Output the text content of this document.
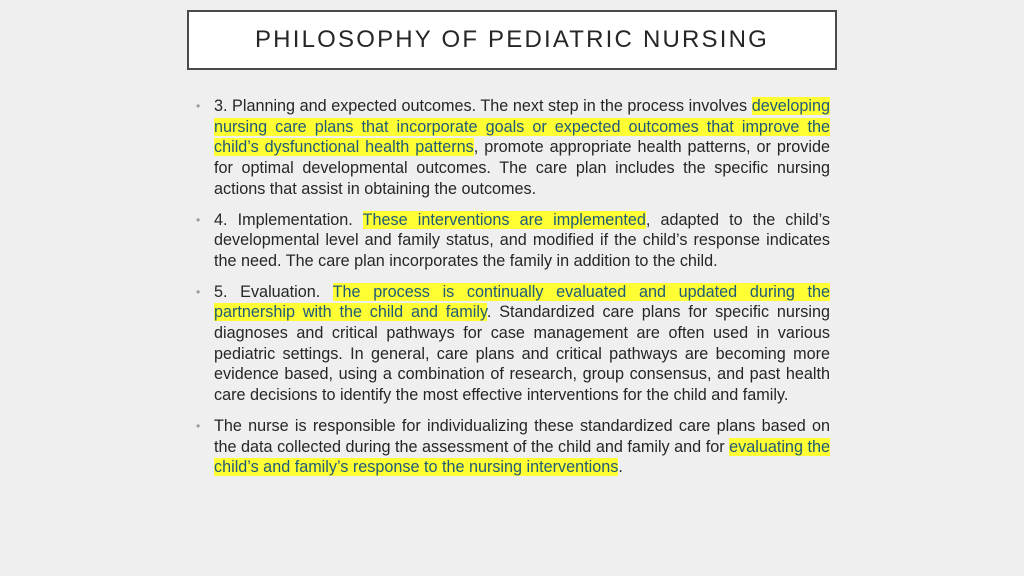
PHILOSOPHY OF PEDIATRIC NURSING
• 3. Planning and expected outcomes. The next step in the process involves developing nursing care plans that incorporate goals or expected outcomes that improve the child’s dysfunctional health patterns, promote appropriate health patterns, or provide for optimal developmental outcomes. The care plan includes the specific nursing actions that assist in obtaining the outcomes.
• 4. Implementation. These interventions are implemented, adapted to the child’s developmental level and family status, and modified if the child’s response indicates the need. The care plan incorporates the family in addition to the child.
• 5. Evaluation. The process is continually evaluated and updated during the partnership with the child and family. Standardized care plans for specific nursing diagnoses and critical pathways for case management are often used in various pediatric settings. In general, care plans and critical pathways are becoming more evidence based, using a combination of research, group consensus, and past health care decisions to identify the most effective interventions for the child and family.
• The nurse is responsible for individualizing these standardized care plans based on the data collected during the assessment of the child and family and for evaluating the child’s and family’s response to the nursing interventions.
